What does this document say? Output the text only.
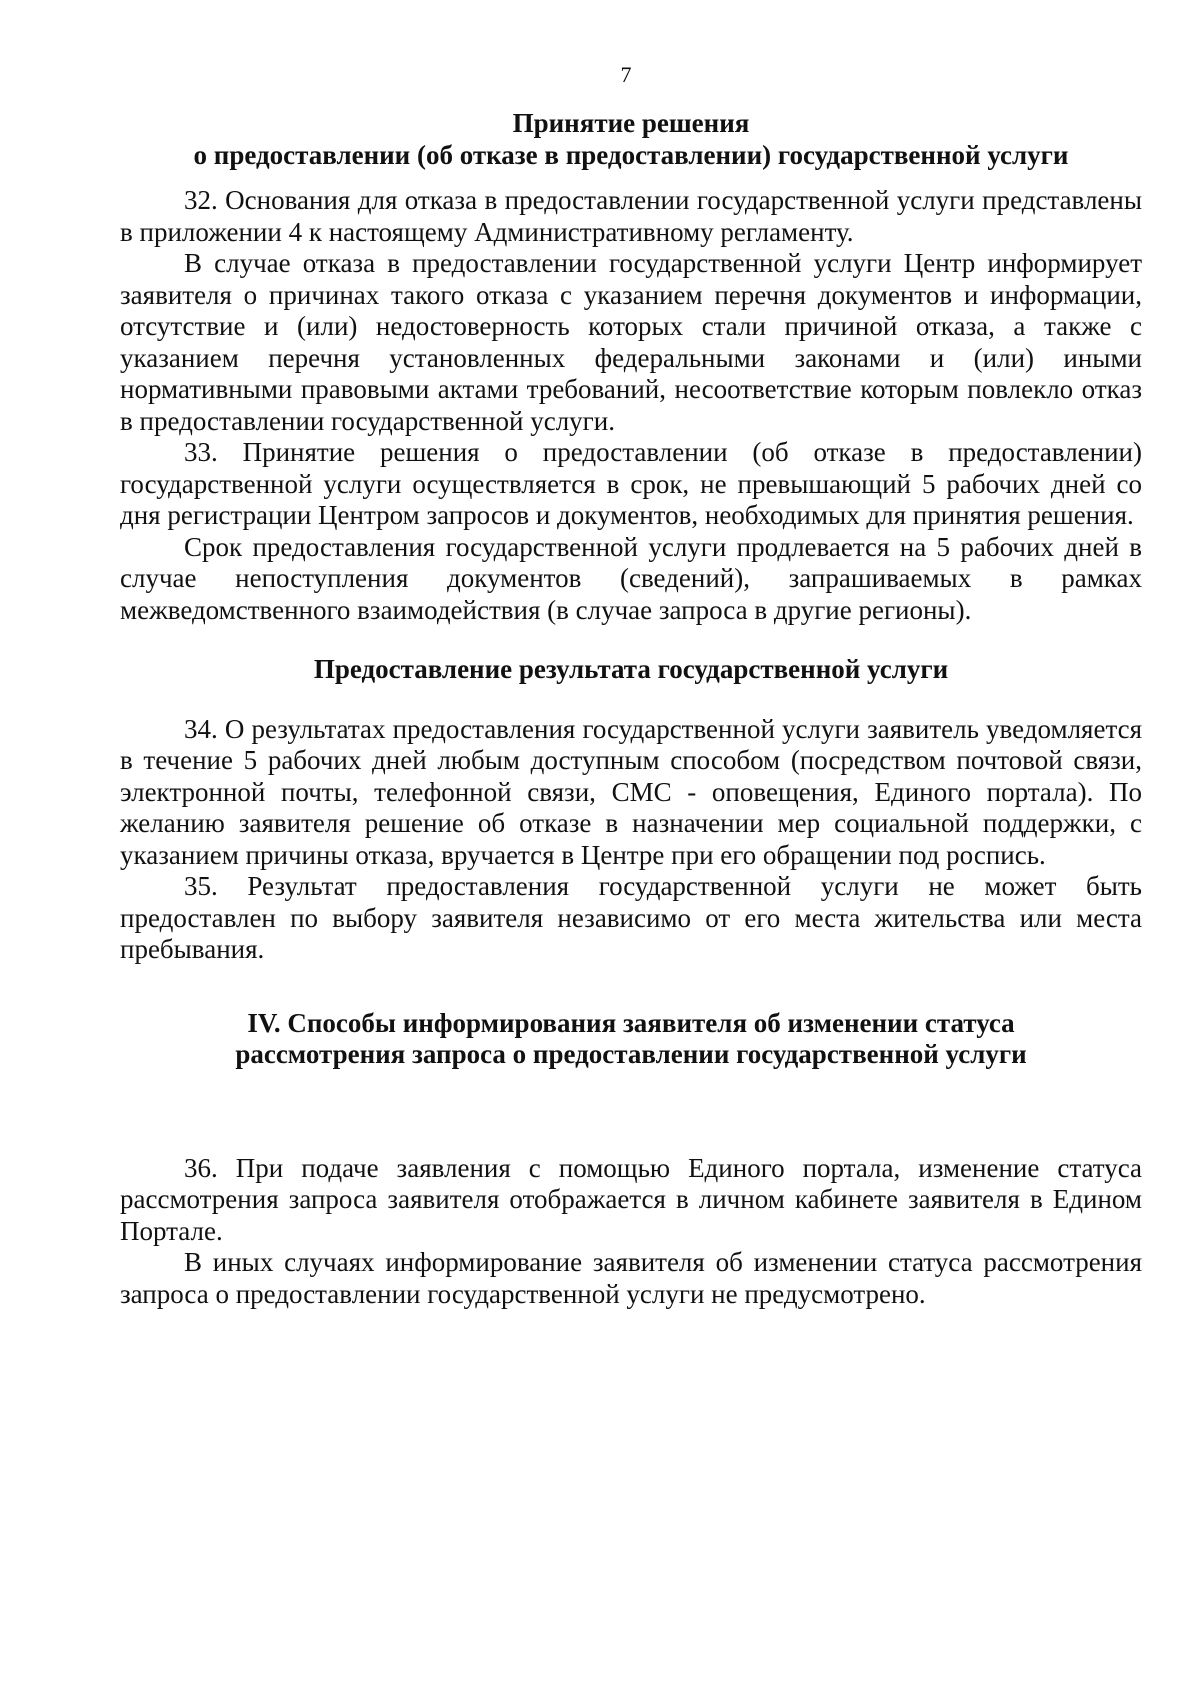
7
Принятие решения
о предоставлении (об отказе в предоставлении) государственной услуги

32. Основания для отказа в предоставлении государственной услуги представлены в приложении 4 к настоящему Административному регламенту.

В случае отказа в предоставлении государственной услуги Центр информирует заявителя о причинах такого отказа с указанием перечня документов и информации, отсутствие и (или) недостоверность которых стали причиной отказа, а также с указанием перечня установленных федеральными законами и (или) иными нормативными правовыми актами требований, несоответствие которым повлекло отказ в предоставлении государственной услуги.

33. Принятие решения о предоставлении (об отказе в предоставлении) государственной услуги осуществляется в срок, не превышающий 5 рабочих дней со дня регистрации Центром запросов и документов, необходимых для принятия решения.

Срок предоставления государственной услуги продлевается на 5 рабочих дней в случае непоступления документов (сведений), запрашиваемых в рамках межведомственного взаимодействия (в случае запроса в другие регионы).

Предоставление результата государственной услуги

34. О результатах предоставления государственной услуги заявитель уведомляется в течение 5 рабочих дней любым доступным способом (посредством почтовой связи, электронной почты, телефонной связи, СМС - оповещения, Единого портала). По желанию заявителя решение об отказе в назначении мер социальной поддержки, с указанием причины отказа, вручается в Центре при его обращении под роспись.

35. Результат предоставления государственной услуги не может быть предоставлен по выбору заявителя независимо от его места жительства или места пребывания.

IV. Способы информирования заявителя об изменении статуса
рассмотрения запроса о предоставлении государственной услуги

36. При подаче заявления с помощью Единого портала, изменение статуса рассмотрения запроса заявителя отображается в личном кабинете заявителя в Едином Портале.

В иных случаях информирование заявителя об изменении статуса рассмотрения запроса о предоставлении государственной услуги не предусмотрено.
